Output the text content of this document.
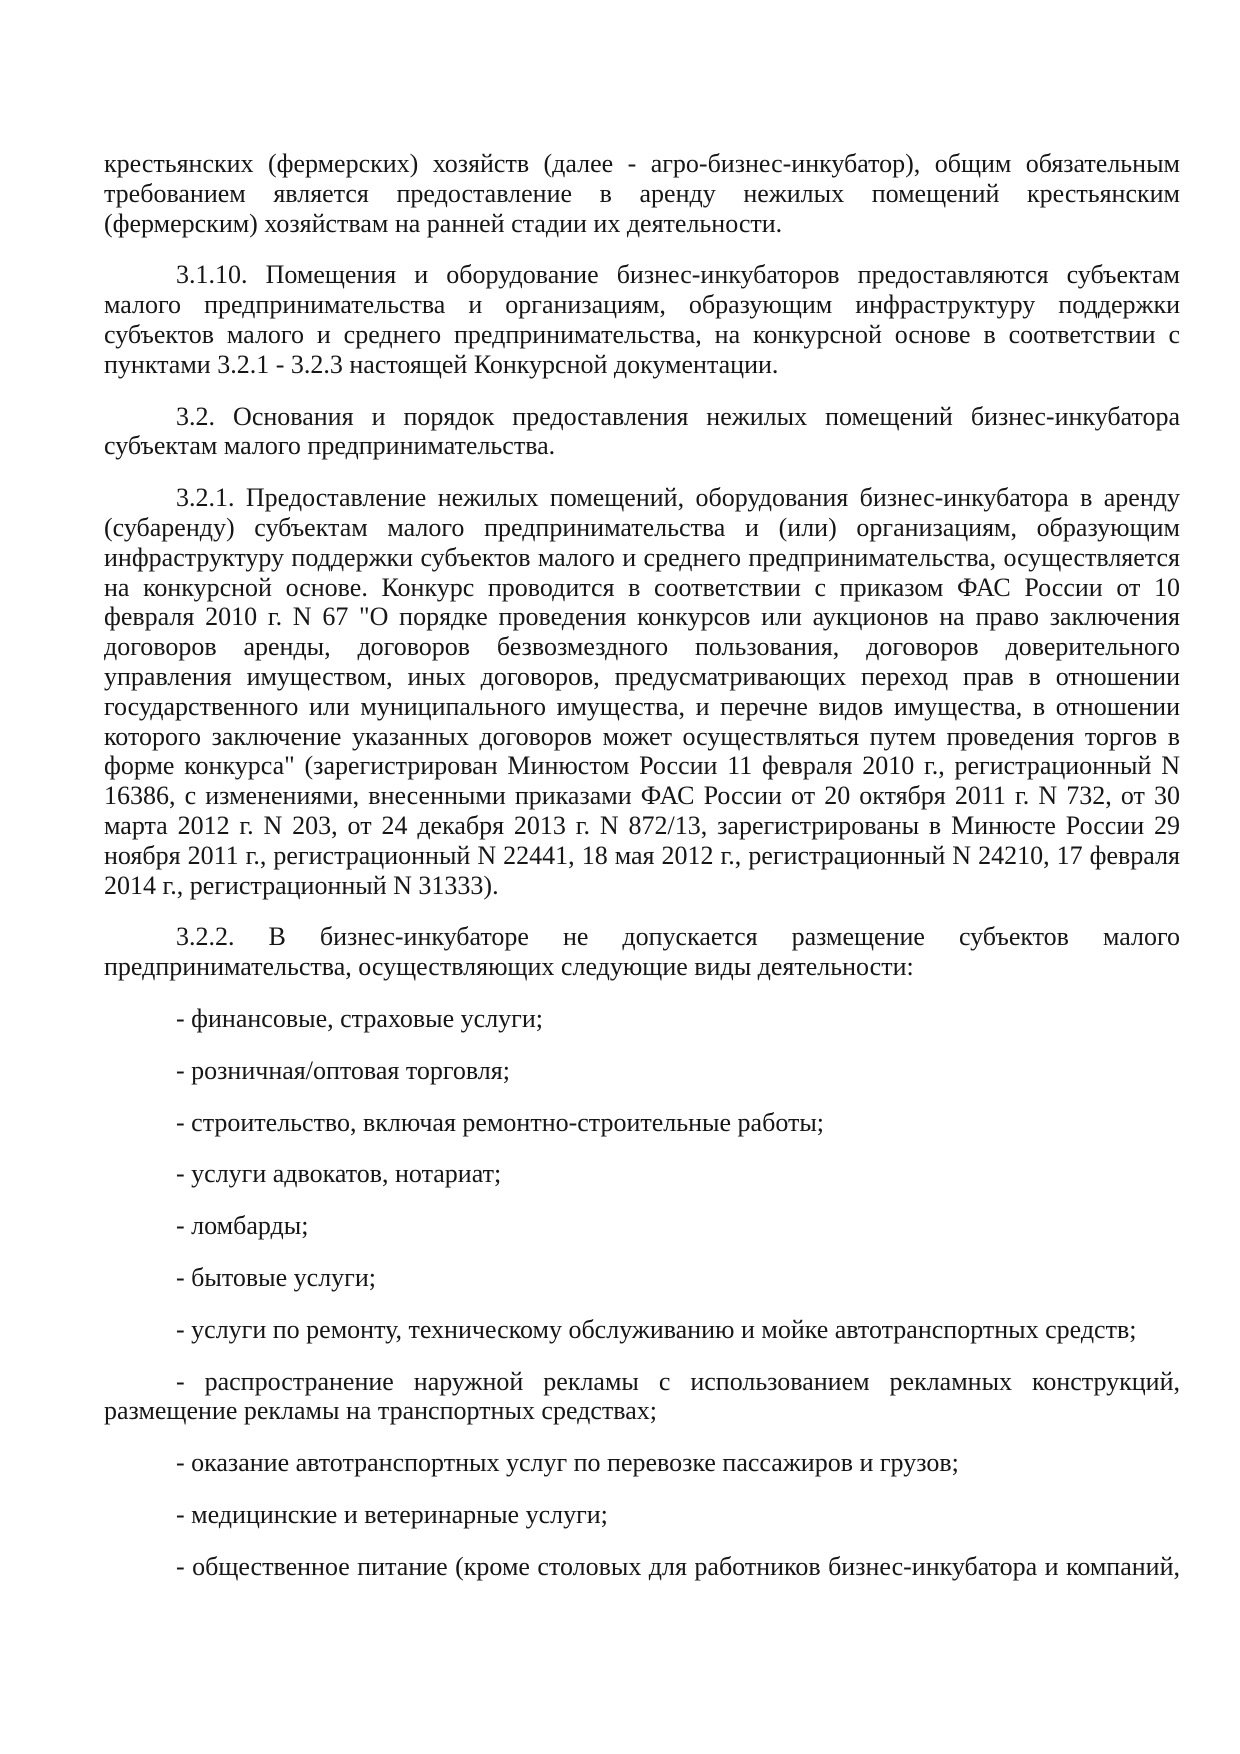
крестьянских (фермерских) хозяйств (далее - агро-бизнес-инкубатор), общим обязательным требованием является предоставление в аренду нежилых помещений крестьянским (фермерским) хозяйствам на ранней стадии их деятельности.

3.1.10. Помещения и оборудование бизнес-инкубаторов предоставляются субъектам малого предпринимательства и организациям, образующим инфраструктуру поддержки субъектов малого и среднего предпринимательства, на конкурсной основе в соответствии с пунктами 3.2.1 - 3.2.3 настоящей Конкурсной документации.

3.2. Основания и порядок предоставления нежилых помещений бизнес-инкубатора субъектам малого предпринимательства.

3.2.1. Предоставление нежилых помещений, оборудования бизнес-инкубатора в аренду (субаренду) субъектам малого предпринимательства и (или) организациям, образующим инфраструктуру поддержки субъектов малого и среднего предпринимательства, осуществляется на конкурсной основе. Конкурс проводится в соответствии с приказом ФАС России от 10 февраля 2010 г. N 67 "О порядке проведения конкурсов или аукционов на право заключения договоров аренды, договоров безвозмездного пользования, договоров доверительного управления имуществом, иных договоров, предусматривающих переход прав в отношении государственного или муниципального имущества, и перечне видов имущества, в отношении которого заключение указанных договоров может осуществляться путем проведения торгов в форме конкурса" (зарегистрирован Минюстом России 11 февраля 2010 г., регистрационный N 16386, с изменениями, внесенными приказами ФАС России от 20 октября 2011 г. N 732, от 30 марта 2012 г. N 203, от 24 декабря 2013 г. N 872/13, зарегистрированы в Минюсте России 29 ноября 2011 г., регистрационный N 22441, 18 мая 2012 г., регистрационный N 24210, 17 февраля 2014 г., регистрационный N 31333).

3.2.2. В бизнес-инкубаторе не допускается размещение субъектов малого предпринимательства, осуществляющих следующие виды деятельности:

- финансовые, страховые услуги;

- розничная/оптовая торговля;

- строительство, включая ремонтно-строительные работы;

- услуги адвокатов, нотариат;

- ломбарды;

- бытовые услуги;

- услуги по ремонту, техническому обслуживанию и мойке автотранспортных средств;

- распространение наружной рекламы с использованием рекламных конструкций, размещение рекламы на транспортных средствах;

- оказание автотранспортных услуг по перевозке пассажиров и грузов;

- медицинские и ветеринарные услуги;

- общественное питание (кроме столовых для работников бизнес-инкубатора и компаний,
